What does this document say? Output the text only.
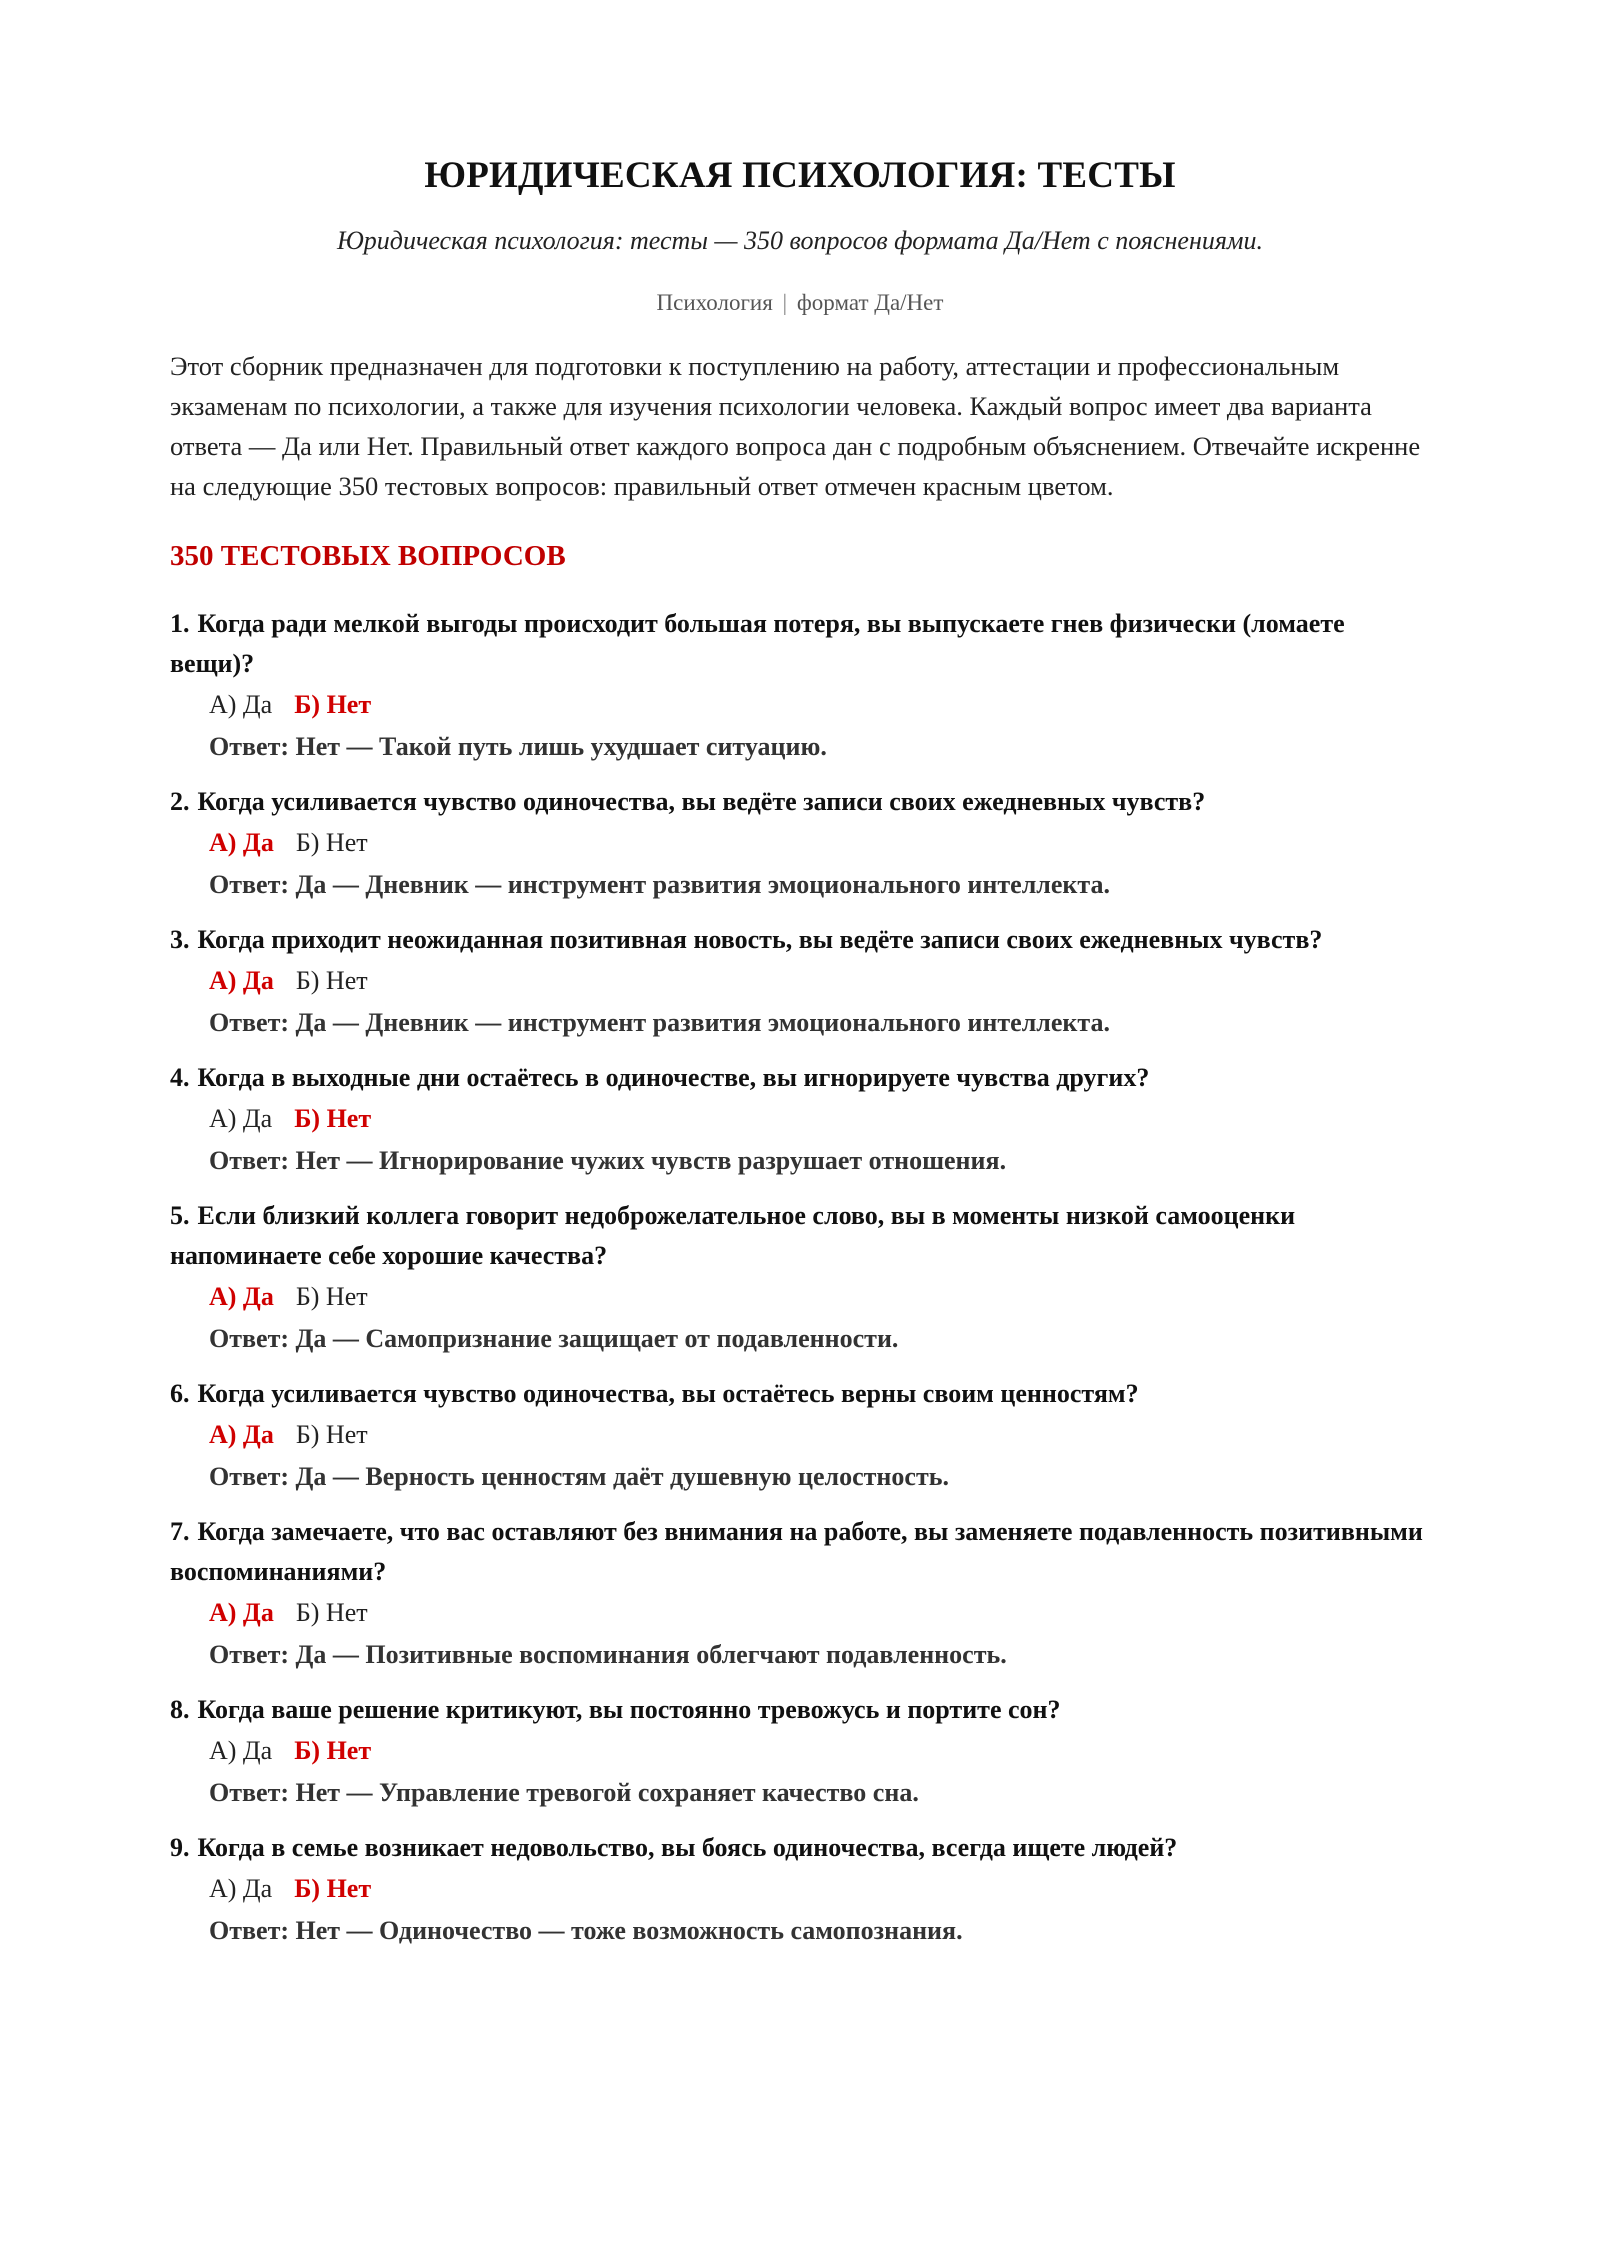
ЮРИДИЧЕСКАЯ ПСИХОЛОГИЯ: ТЕСТЫ
Юридическая психология: тесты — 350 вопросов формата Да/Нет с пояснениями.
Психология | формат Да/Нет

Этот сборник предназначен для подготовки к поступлению на работу, аттестации и профессиональным экзаменам по психологии, а также для изучения психологии человека. Каждый вопрос имеет два варианта ответа — Да или Нет. Правильный ответ каждого вопроса дан с подробным объяснением. Отвечайте искренне на следующие 350 тестовых вопросов: правильный ответ отмечен красным цветом.

350 ТЕСТОВЫХ ВОПРОСОВ
1. Когда ради мелкой выгоды происходит большая потеря, вы выпускаете гнев физически (ломаете вещи)?
А) Да Б) Нет
Ответ: Нет — Такой путь лишь ухудшает ситуацию.
2. Когда усиливается чувство одиночества, вы ведёте записи своих ежедневных чувств?
А) Да Б) Нет
Ответ: Да — Дневник — инструмент развития эмоционального интеллекта.
3. Когда приходит неожиданная позитивная новость, вы ведёте записи своих ежедневных чувств?
А) Да Б) Нет
Ответ: Да — Дневник — инструмент развития эмоционального интеллекта.
4. Когда в выходные дни остаётесь в одиночестве, вы игнорируете чувства других?
А) Да Б) Нет
Ответ: Нет — Игнорирование чужих чувств разрушает отношения.
5. Если близкий коллега говорит недоброжелательное слово, вы в моменты низкой самооценки напоминаете себе хорошие качества?
А) Да Б) Нет
Ответ: Да — Самопризнание защищает от подавленности.
6. Когда усиливается чувство одиночества, вы остаётесь верны своим ценностям?
А) Да Б) Нет
Ответ: Да — Верность ценностям даёт душевную целостность.
7. Когда замечаете, что вас оставляют без внимания на работе, вы заменяете подавленность позитивными воспоминаниями?
А) Да Б) Нет
Ответ: Да — Позитивные воспоминания облегчают подавленность.
8. Когда ваше решение критикуют, вы постоянно тревожусь и портите сон?
А) Да Б) Нет
Ответ: Нет — Управление тревогой сохраняет качество сна.
9. Когда в семье возникает недовольство, вы боясь одиночества, всегда ищете людей?
А) Да Б) Нет
Ответ: Нет — Одиночество — тоже возможность самопознания.
